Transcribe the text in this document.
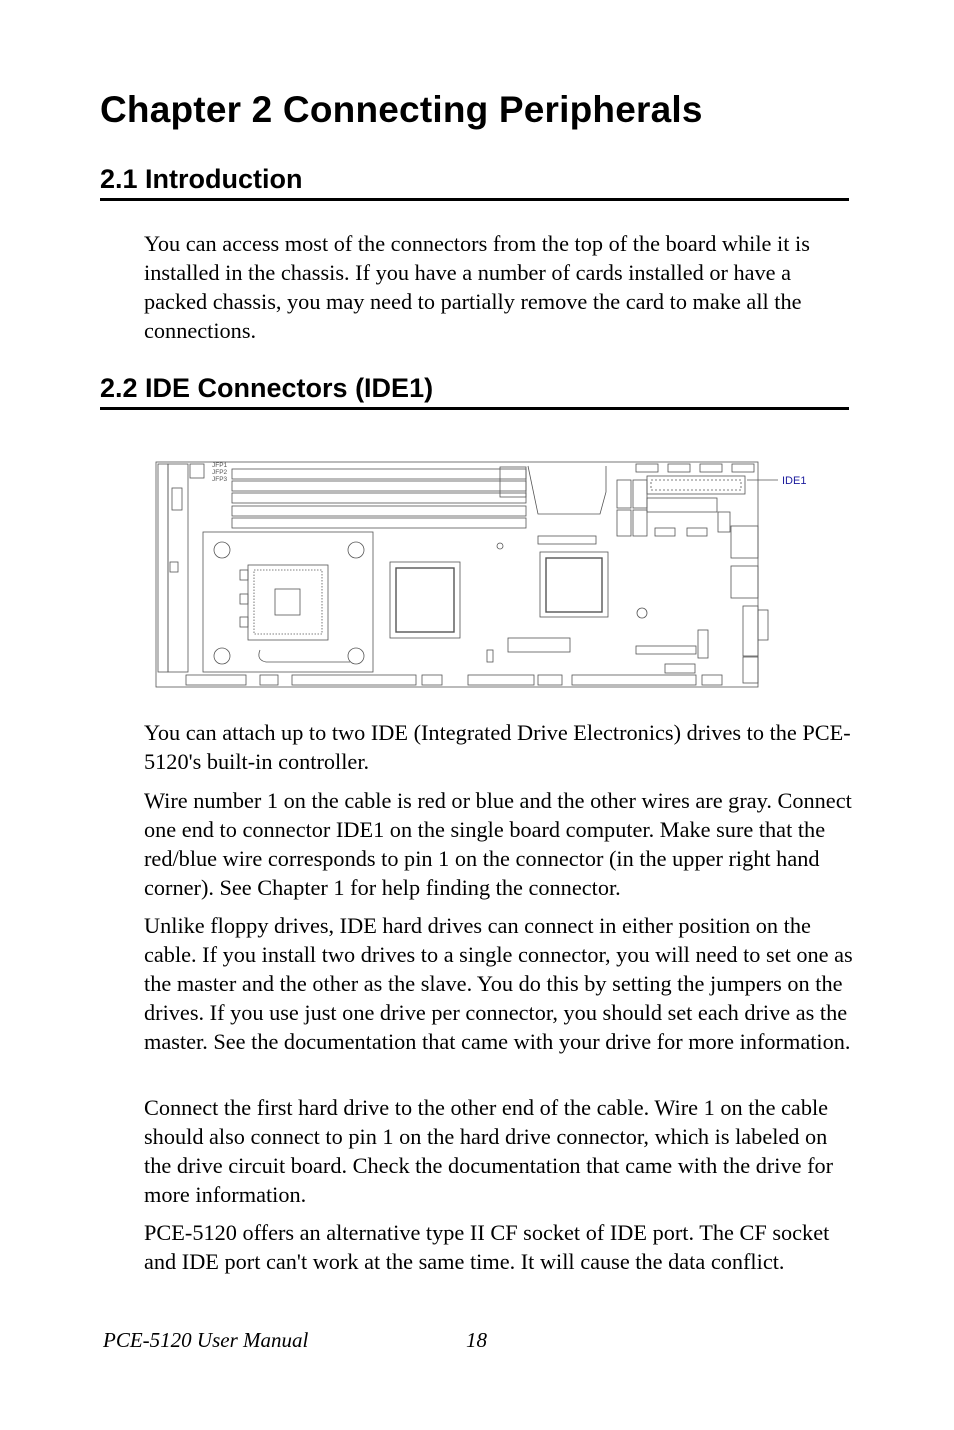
Chapter 2 Connecting Peripherals
2.1 Introduction

You can access most of the connectors from the top of the board while it is installed in the chassis. If you have a number of cards installed or have a packed chassis, you may need to partially remove the card to make all the connections.

2.2 IDE Connectors (IDE1)
JFP1
JFP2
JFP3	IDE1

You can attach up to two IDE (Integrated Drive Electronics) drives to the PCE-5120's built-in controller.

Wire number 1 on the cable is red or blue and the other wires are gray. Connect one end to connector IDE1 on the single board computer. Make sure that the red/blue wire corresponds to pin 1 on the connector (in the upper right hand corner). See Chapter 1 for help finding the connector.

Unlike floppy drives, IDE hard drives can connect in either position on the cable. If you install two drives to a single connector, you will need to set one as the master and the other as the slave. You do this by setting the jumpers on the drives. If you use just one drive per connector, you should set each drive as the master. See the documentation that came with your drive for more information.

Connect the first hard drive to the other end of the cable. Wire 1 on the cable should also connect to pin 1 on the hard drive connector, which is labeled on the drive circuit board. Check the documentation that came with the drive for more information.

PCE-5120 offers an alternative type II CF socket of IDE port. The CF socket and IDE port can't work at the same time. It will cause the data conflict.

PCE-5120 User Manual	18
